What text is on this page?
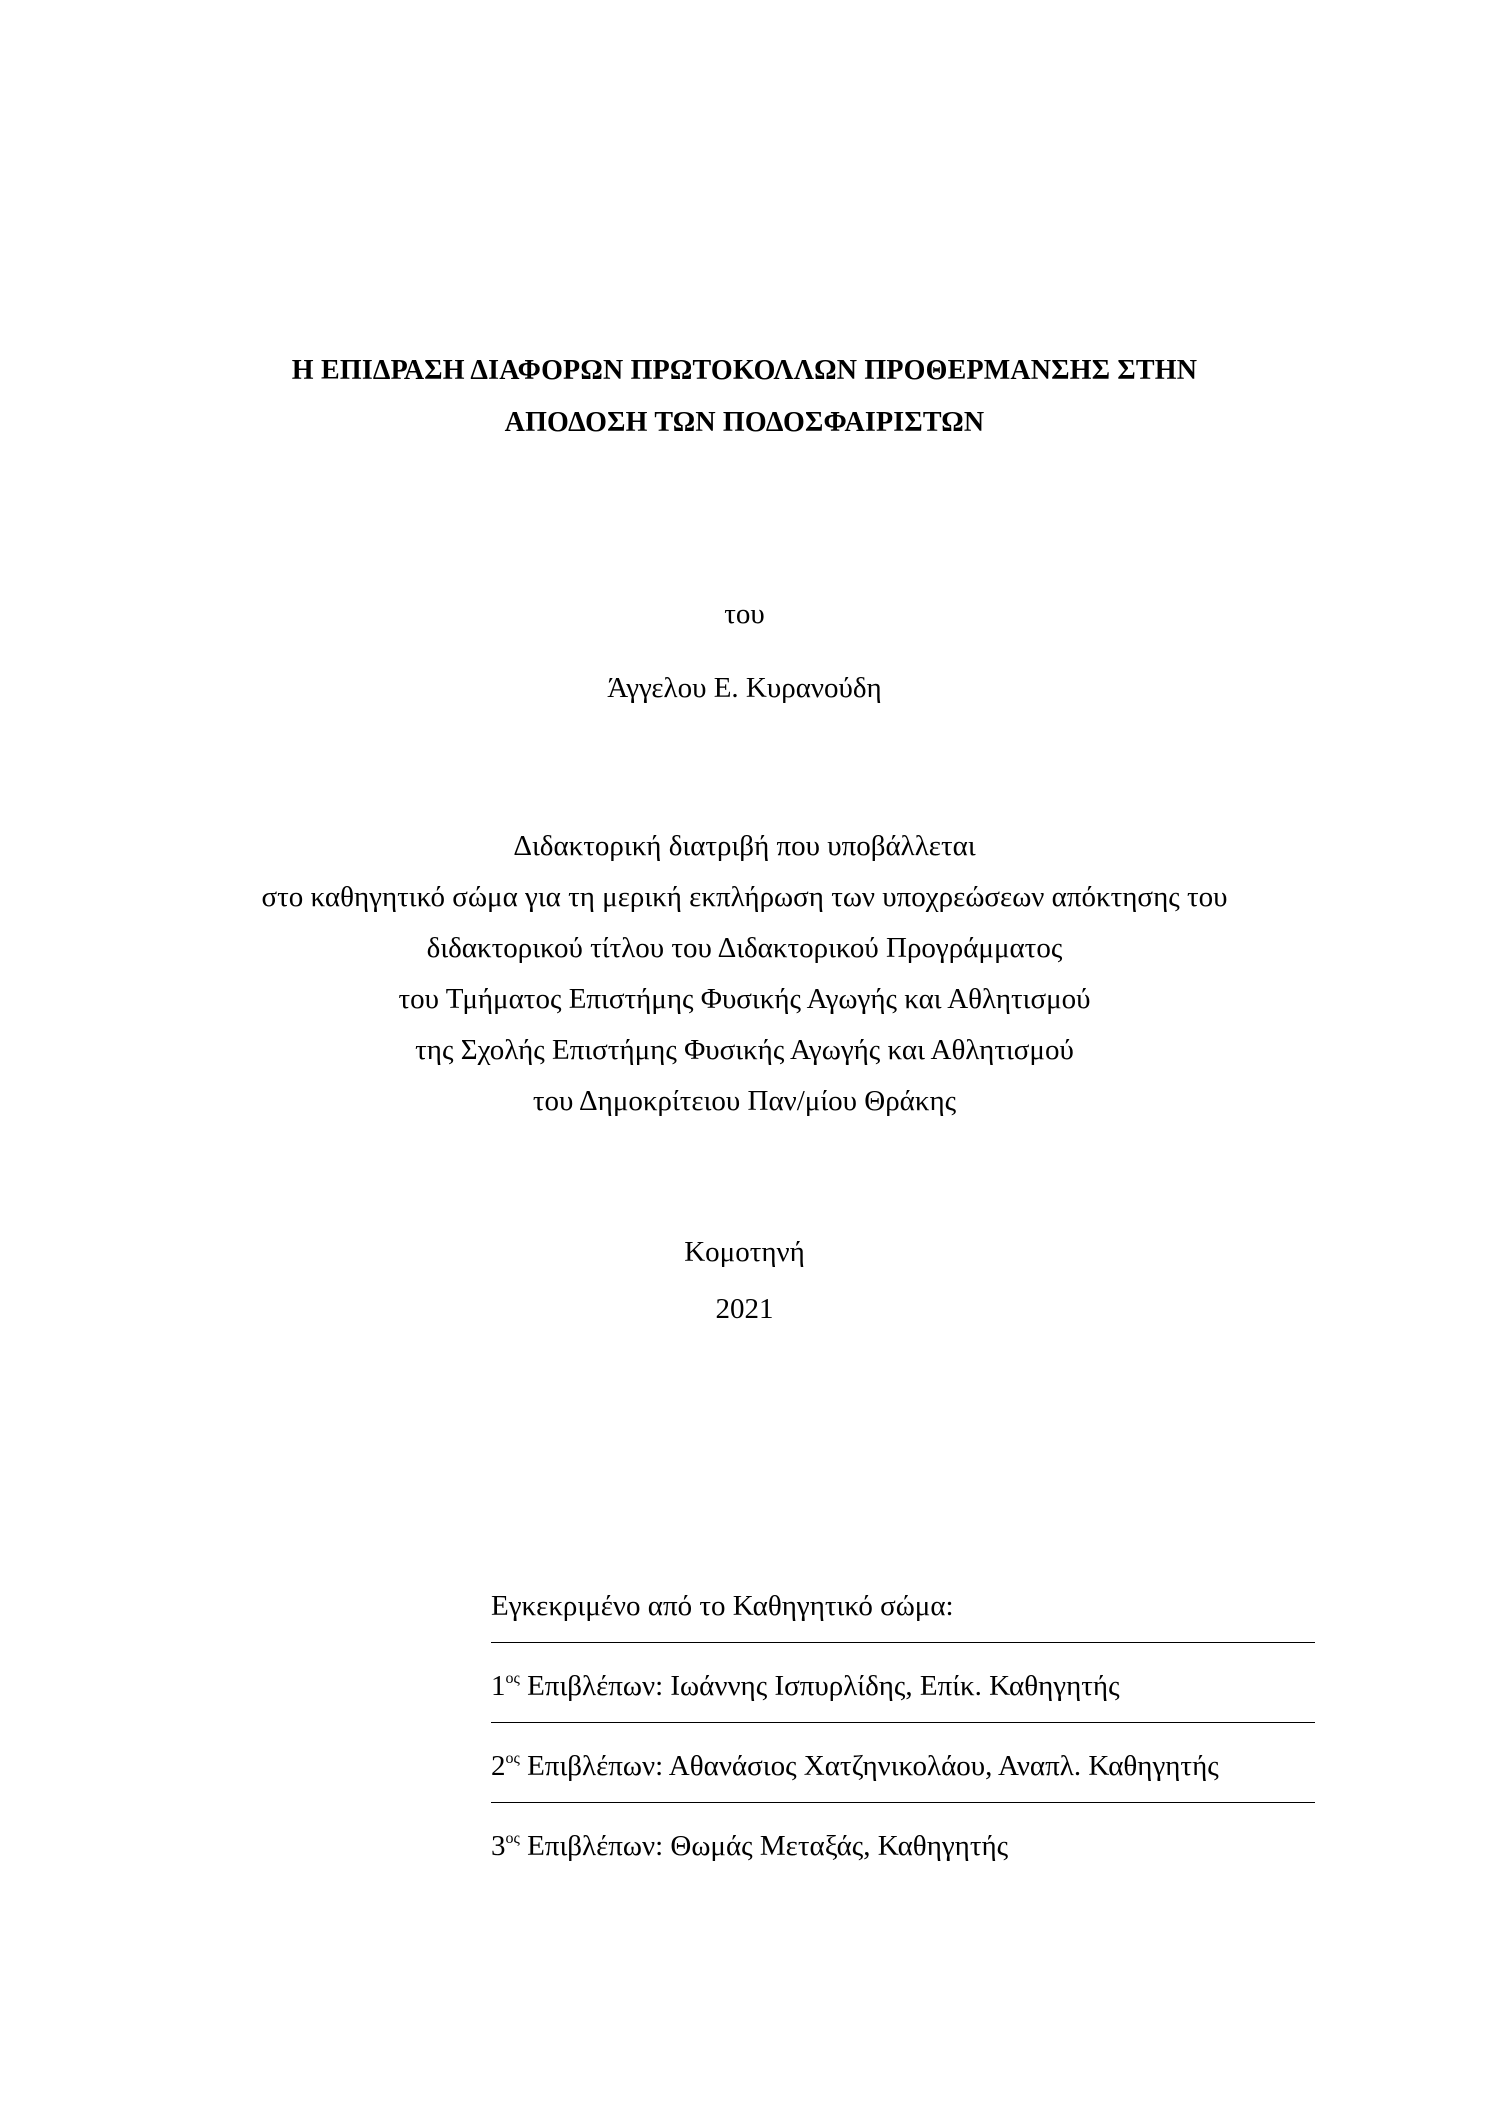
Η ΕΠΙΔΡΑΣΗ ΔΙΑΦΟΡΩΝ ΠΡΩΤΟΚΟΛΛΩΝ ΠΡΟΘΕΡΜΑΝΣΗΣ ΣΤΗΝ
ΑΠΟΔΟΣΗ ΤΩΝ ΠΟΔΟΣΦΑΙΡΙΣΤΩΝ
του
Άγγελου Ε. Κυρανούδη
Διδακτορική διατριβή που υποβάλλεται
στο καθηγητικό σώμα για τη μερική εκπλήρωση των υποχρεώσεων απόκτησης του
διδακτορικού τίτλου του Διδακτορικού Προγράμματος
του Τμήματος Επιστήμης Φυσικής Αγωγής και Αθλητισμού
της Σχολής Επιστήμης Φυσικής Αγωγής και Αθλητισμού
του Δημοκρίτειου Παν/μίου Θράκης
Κομοτηνή
2021
Εγκεκριμένο από το Καθηγητικό σώμα:
$1^{o\varsigma}$ Επιβλέπων: Ιωάννης Ισπυρλίδης, Επίκ. Καθηγητής
$2^{o\varsigma}$ Επιβλέπων: Αθανάσιος Χατζηνικολάου, Αναπλ. Καθηγητής
$3^{o\varsigma}$ Επιβλέπων: Θωμάς Μεταξάς, Καθηγητής
